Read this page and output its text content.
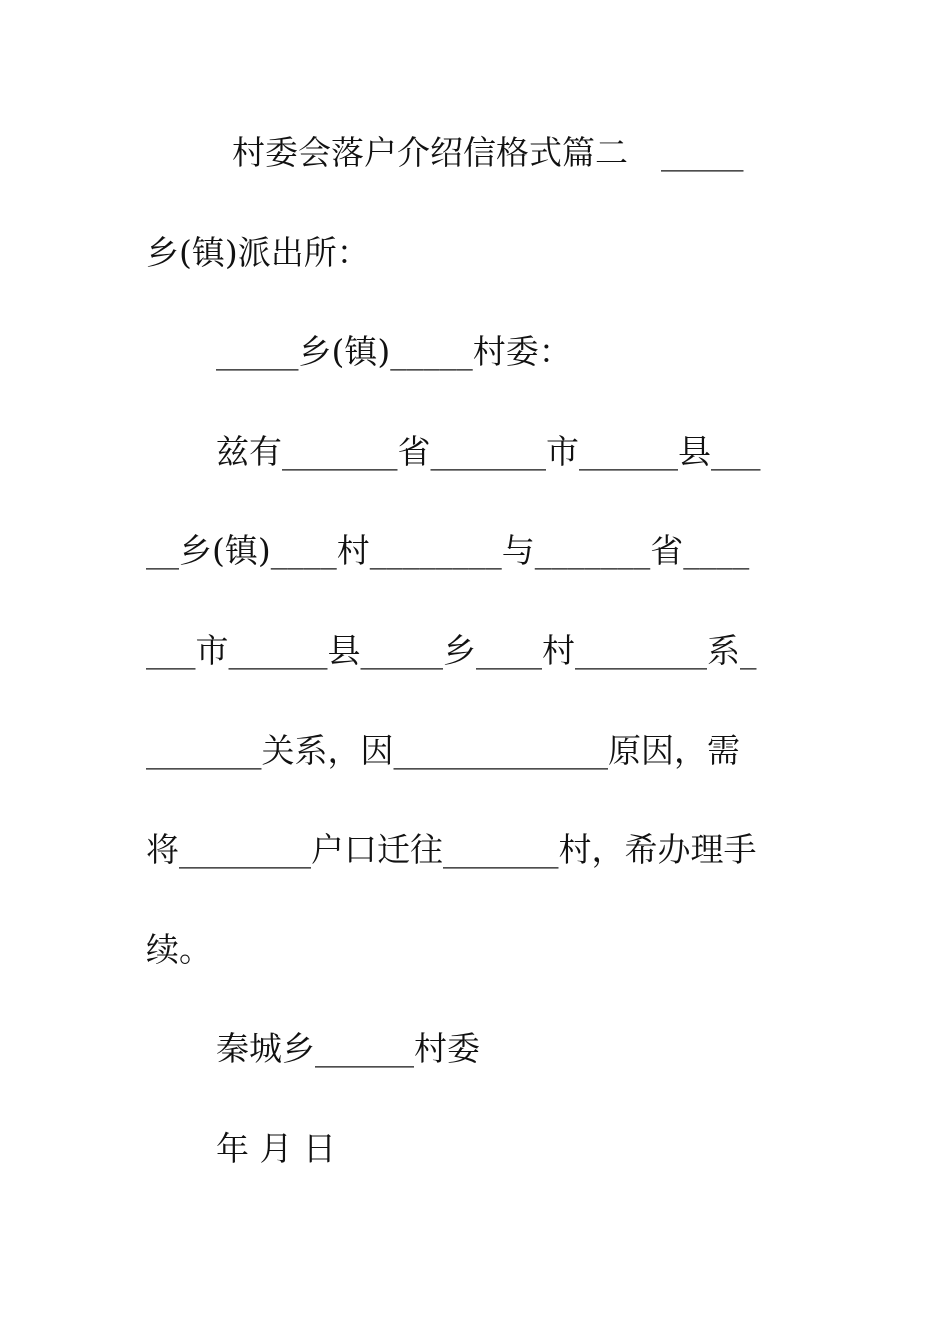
村委会落户介绍信格式篇二　_____
乡(镇)派出所：
_____乡(镇)_____村委：
兹有_______省_______市______县___
__乡(镇)____村________与_______省____
___市______县_____乡____村________系_
_______关系，因_____________原因，需
将________户口迁往_______村，希办理手
续。
秦城乡______村委
年 月 日
